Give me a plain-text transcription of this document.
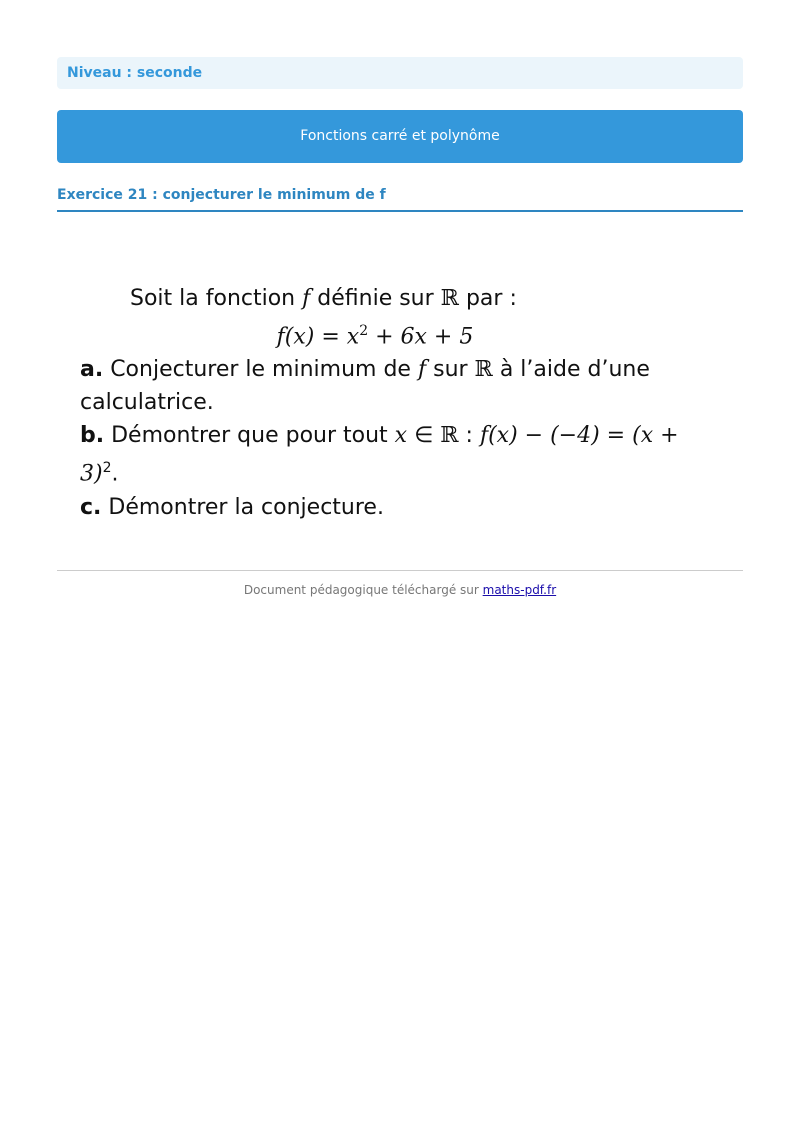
Niveau : seconde
Fonctions carré et polynôme
Exercice 21 : conjecturer le minimum de f
Soit la fonction f définie sur ℝ par :
$f(x) = x^2 + 6x + 5$

a. Conjecturer le minimum de f sur ℝ à l’aide d’une calculatrice.

b. Démontrer que pour tout x ∈ ℝ : $f(x) - (-4) = (x + 3)^2$.

c. Démontrer la conjecture.

Document pédagogique téléchargé sur maths-pdf.fr
